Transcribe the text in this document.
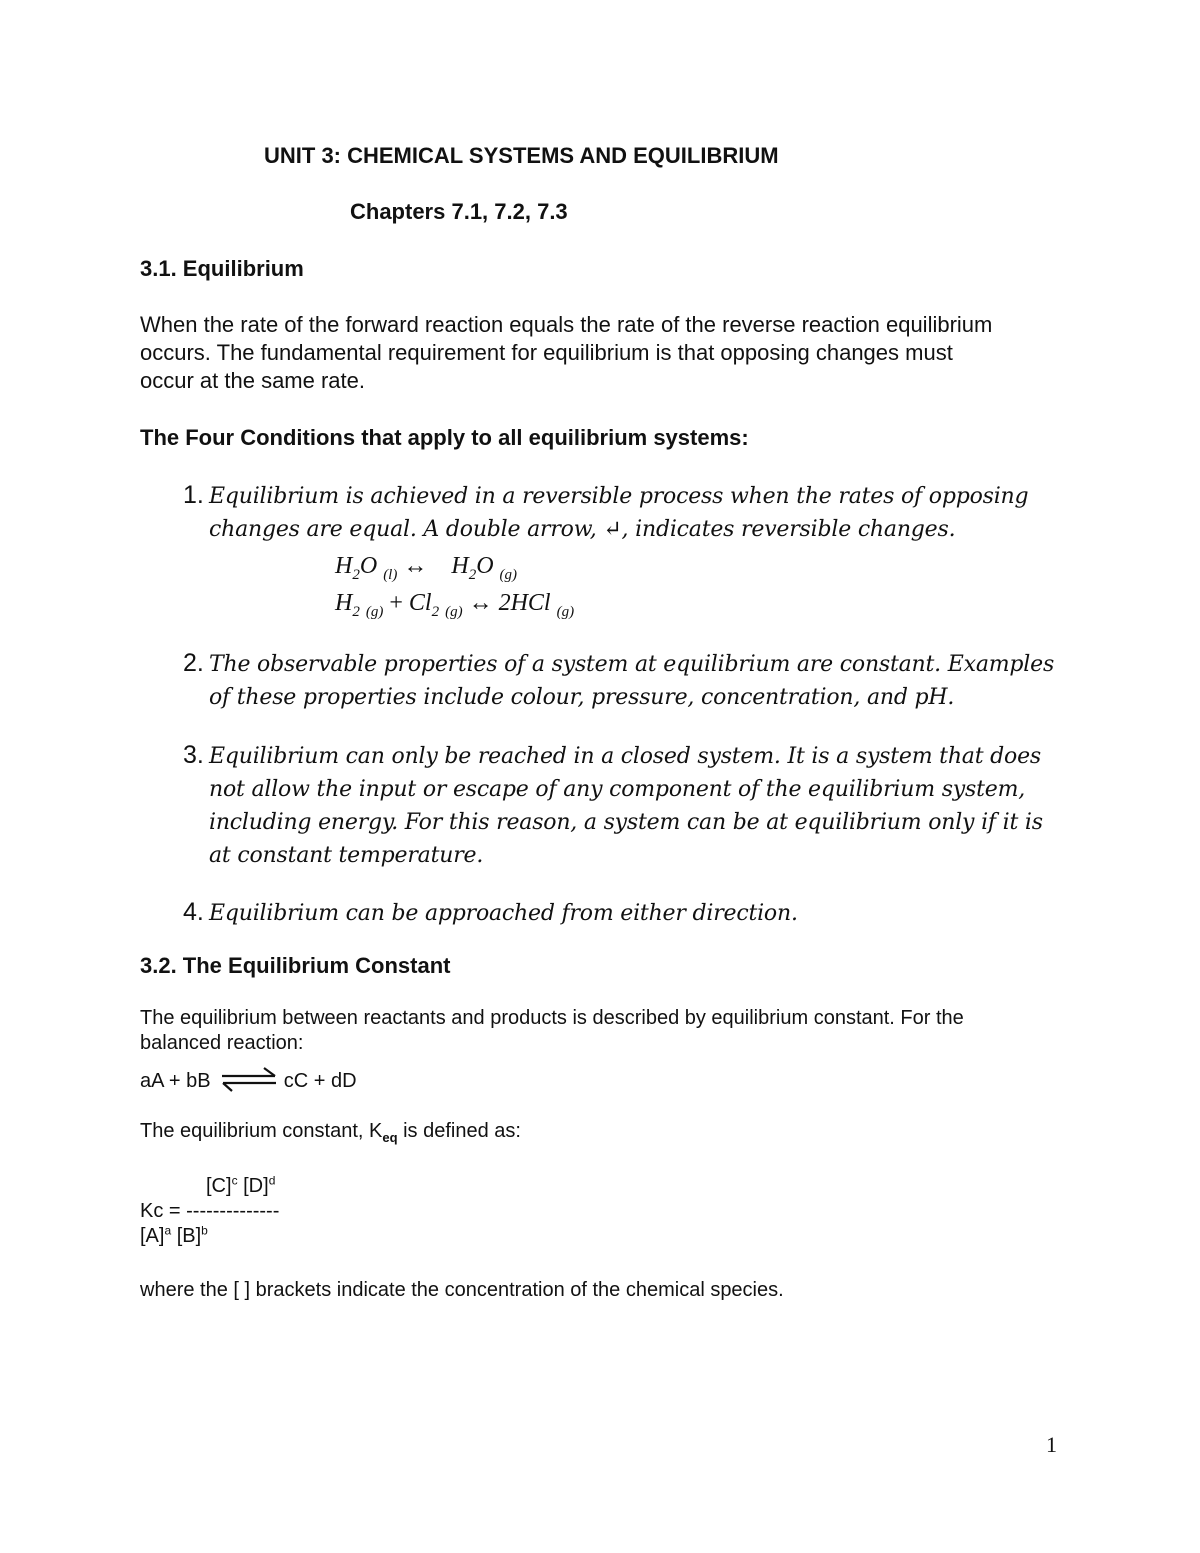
UNIT 3: CHEMICAL SYSTEMS AND EQUILIBRIUM
Chapters 7.1, 7.2, 7.3
3.1. Equilibrium
When the rate of the forward reaction equals the rate of the reverse reaction equilibrium
occurs. The fundamental requirement for equilibrium is that opposing changes must
occur at the same rate.
The Four Conditions that apply to all equilibrium systems:
1. Equilibrium is achieved in a reversible process when the rates of opposing
changes are equal. A double arrow, ↵, indicates reversible changes.
$H_2O$ $_{(l)}$ ↔ $H_2O$ $_{(g)}$
$H_2$ $_{(g)} + Cl_2$ $_{(g)}$ ↔ 2HCl $_{(g)}$
2. The observable properties of a system at equilibrium are constant. Examples
of these properties include colour, pressure, concentration, and pH.
3. Equilibrium can only be reached in a closed system. It is a system that does
not allow the input or escape of any component of the equilibrium system,
including energy. For this reason, a system can be at equilibrium only if it is
at constant temperature.
4. Equilibrium can be approached from either direction.
3.2. The Equilibrium Constant
The equilibrium between reactants and products is described by equilibrium constant. For the
balanced reaction:
aA + bB ⇌ cC + dD
The equilibrium constant, $K_{eq}$ is defined as:
$[C]^c$ $[D]^d$
Kc = --------------
$[A]^a$ $[B]^b$
where the [ ] brackets indicate the concentration of the chemical species.
1
